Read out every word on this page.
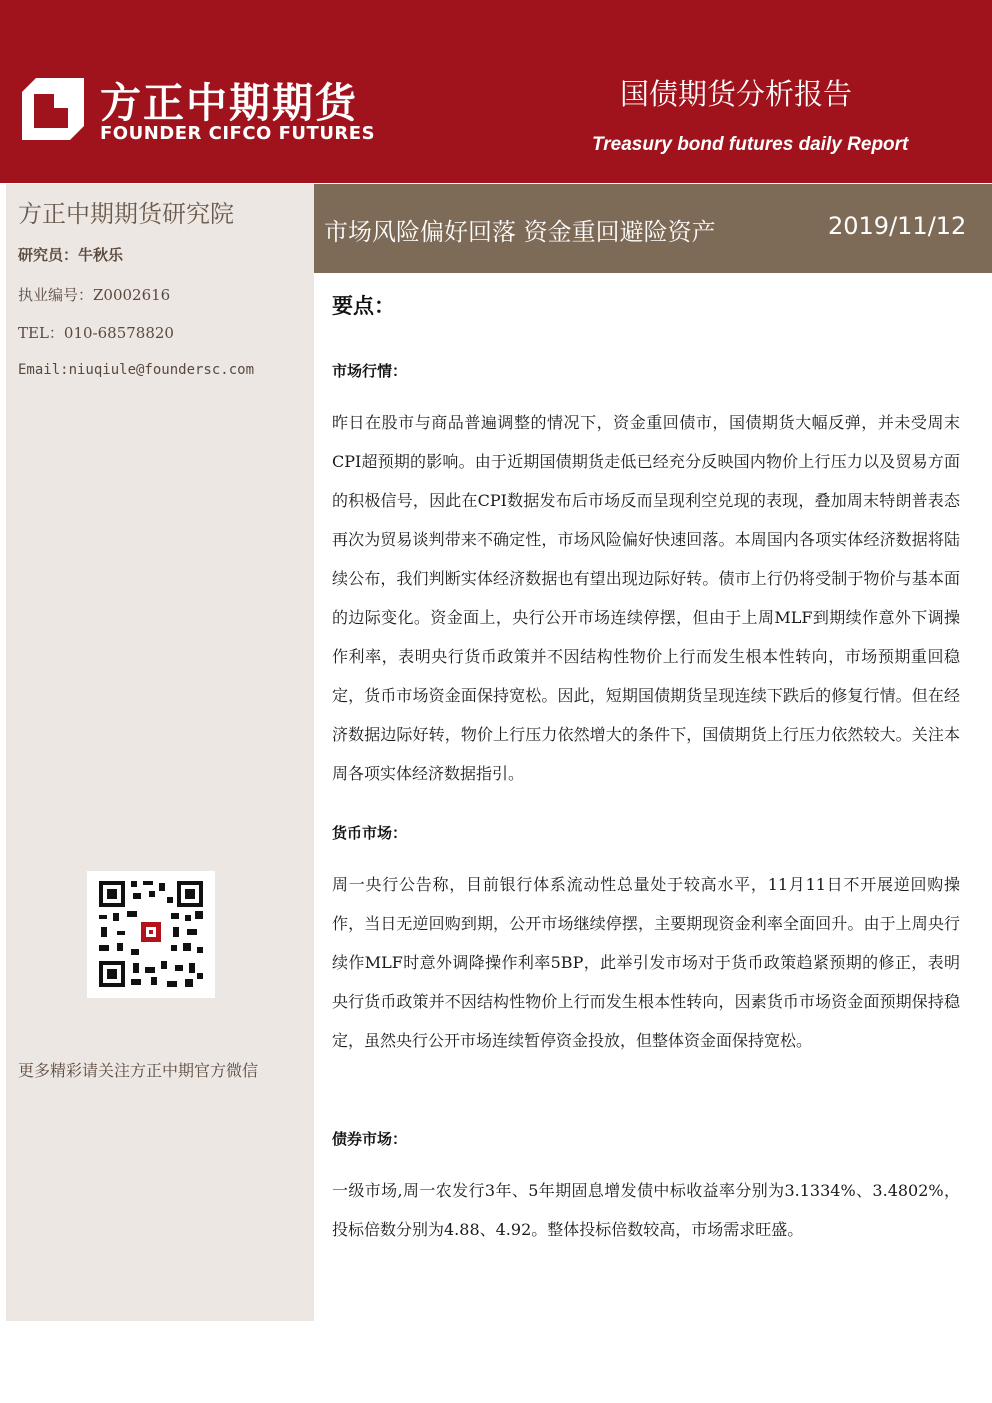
方正中期期货
FOUNDER CIFCO FUTURES
国债期货分析报告
Treasury bond futures daily Report
方正中期期货研究院
研究员：牛秋乐
执业编号：Z0002616
TEL：010-68578820
Email:niuqiule@foundersc.com
更多精彩请关注方正中期官方微信
市场风险偏好回落 资金重回避险资产	2019/11/12
要点：
市场行情：
昨日在股市与商品普遍调整的情况下，资金重回债市，国债期货大幅反弹，并未受周末CPI超预期的影响。由于近期国债期货走低已经充分反映国内物价上行压力以及贸易方面的积极信号，因此在CPI数据发布后市场反而呈现利空兑现的表现，叠加周末特朗普表态再次为贸易谈判带来不确定性，市场风险偏好快速回落。本周国内各项实体经济数据将陆续公布，我们判断实体经济数据也有望出现边际好转。债市上行仍将受制于物价与基本面的边际变化。资金面上，央行公开市场连续停摆，但由于上周MLF到期续作意外下调操作利率，表明央行货币政策并不因结构性物价上行而发生根本性转向，市场预期重回稳定，货币市场资金面保持宽松。因此，短期国债期货呈现连续下跌后的修复行情。但在经济数据边际好转，物价上行压力依然增大的条件下，国债期货上行压力依然较大。关注本周各项实体经济数据指引。
货币市场：
周一央行公告称，目前银行体系流动性总量处于较高水平，11月11日不开展逆回购操作，当日无逆回购到期，公开市场继续停摆，主要期现资金利率全面回升。由于上周央行续作MLF时意外调降操作利率5BP，此举引发市场对于货币政策趋紧预期的修正，表明央行货币政策并不因结构性物价上行而发生根本性转向，因素货币市场资金面预期保持稳定，虽然央行公开市场连续暂停资金投放，但整体资金面保持宽松。
债券市场：
一级市场,周一农发行3年、5年期固息增发债中标收益率分别为3.1334%、3.4802%，投标倍数分别为4.88、4.92。整体投标倍数较高，市场需求旺盛。
